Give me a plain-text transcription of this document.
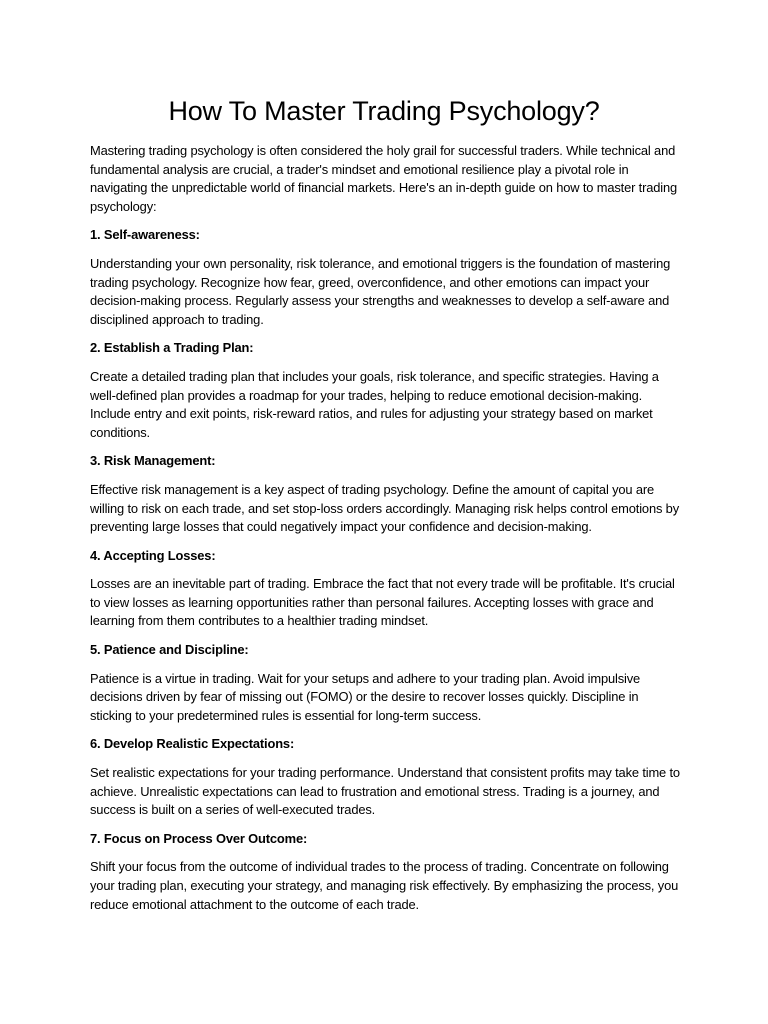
How To Master Trading Psychology?

Mastering trading psychology is often considered the holy grail for successful traders. While technical and fundamental analysis are crucial, a trader's mindset and emotional resilience play a pivotal role in navigating the unpredictable world of financial markets. Here's an in-depth guide on how to master trading psychology:

1. Self-awareness:

Understanding your own personality, risk tolerance, and emotional triggers is the foundation of mastering trading psychology. Recognize how fear, greed, overconfidence, and other emotions can impact your decision-making process. Regularly assess your strengths and weaknesses to develop a self-aware and disciplined approach to trading.

2. Establish a Trading Plan:

Create a detailed trading plan that includes your goals, risk tolerance, and specific strategies. Having a well-defined plan provides a roadmap for your trades, helping to reduce emotional decision-making. Include entry and exit points, risk-reward ratios, and rules for adjusting your strategy based on market conditions.

3. Risk Management:

Effective risk management is a key aspect of trading psychology. Define the amount of capital you are willing to risk on each trade, and set stop-loss orders accordingly. Managing risk helps control emotions by preventing large losses that could negatively impact your confidence and decision-making.

4. Accepting Losses:

Losses are an inevitable part of trading. Embrace the fact that not every trade will be profitable. It's crucial to view losses as learning opportunities rather than personal failures. Accepting losses with grace and learning from them contributes to a healthier trading mindset.

5. Patience and Discipline:

Patience is a virtue in trading. Wait for your setups and adhere to your trading plan. Avoid impulsive decisions driven by fear of missing out (FOMO) or the desire to recover losses quickly. Discipline in sticking to your predetermined rules is essential for long-term success.

6. Develop Realistic Expectations:

Set realistic expectations for your trading performance. Understand that consistent profits may take time to achieve. Unrealistic expectations can lead to frustration and emotional stress. Trading is a journey, and success is built on a series of well-executed trades.

7. Focus on Process Over Outcome:

Shift your focus from the outcome of individual trades to the process of trading. Concentrate on following your trading plan, executing your strategy, and managing risk effectively. By emphasizing the process, you reduce emotional attachment to the outcome of each trade.
